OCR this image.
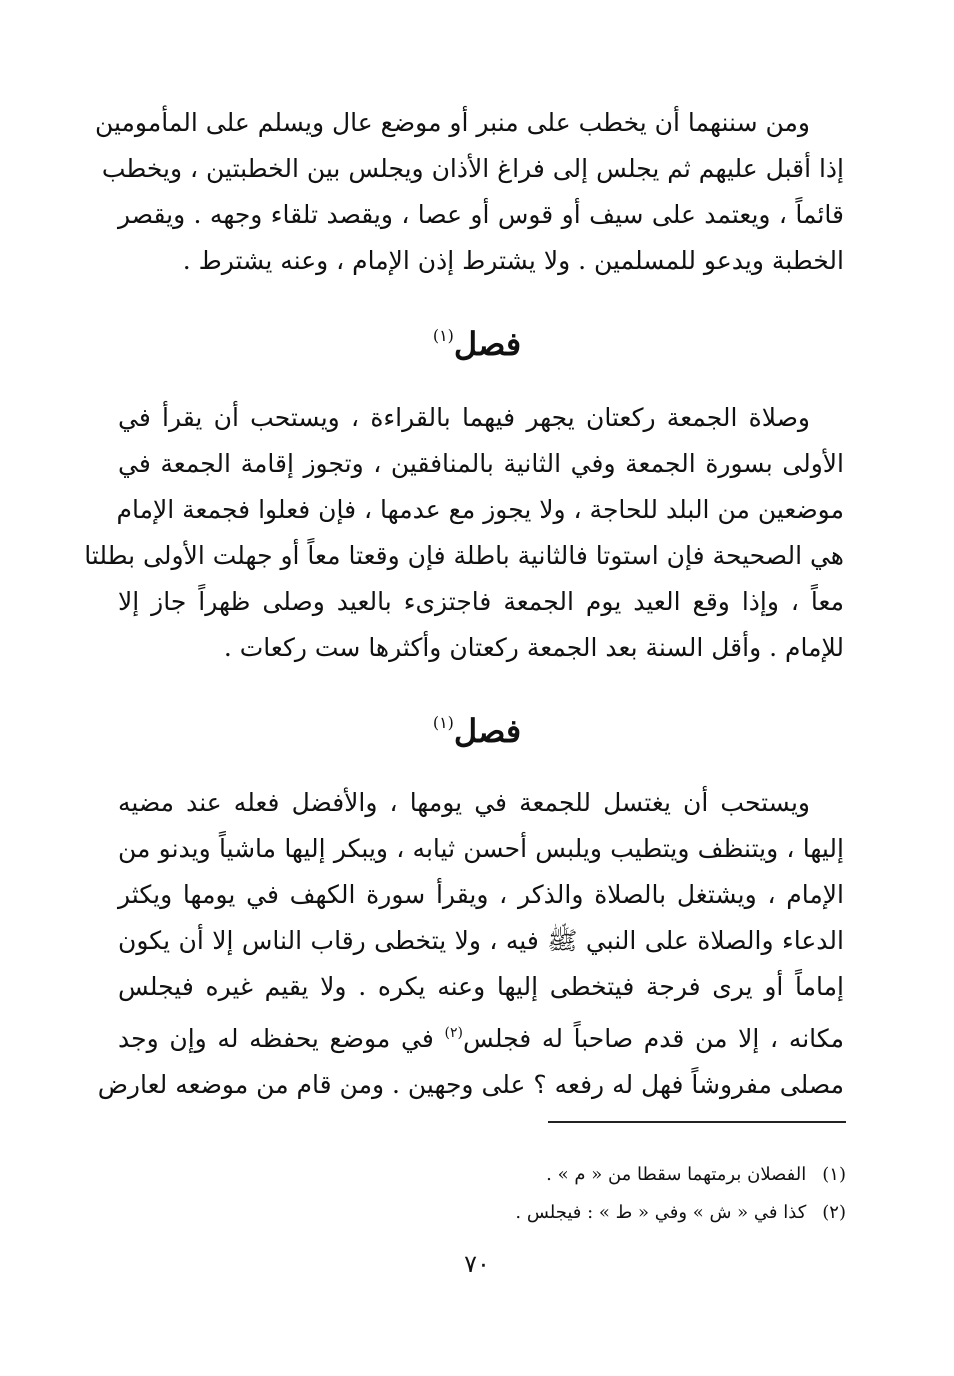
ومن سننهما أن يخطب على منبر أو موضع عال ويسلم على المأمومين
إذا أقبل عليهم ثم يجلس إلى فراغ الأذان ويجلس بين الخطبتين ، ويخطب
قائماً ، ويعتمد على سيف أو قوس أو عصا ، ويقصد تلقاء وجهه . ويقصر
الخطبة ويدعو للمسلمين . ولا يشترط إذن الإمام ، وعنه يشترط .
فصل$^{(١)}$
وصلاة الجمعة ركعتان يجهر فيهما بالقراءة ، ويستحب أن يقرأ في
الأولى بسورة الجمعة وفي الثانية بالمنافقين ، وتجوز إقامة الجمعة في
موضعين من البلد للحاجة ، ولا يجوز مع عدمها ، فإن فعلوا فجمعة الإمام
هي الصحيحة فإن استوتا فالثانية باطلة فإن وقعتا معاً أو جهلت الأولى بطلتا
معاً ، وإذا وقع العيد يوم الجمعة فاجتزىء بالعيد وصلى ظهراً جاز إلا
للإمام . وأقل السنة بعد الجمعة ركعتان وأكثرها ست ركعات .
فصل$^{(١)}$
ويستحب أن يغتسل للجمعة في يومها ، والأفضل فعله عند مضيه
إليها ، ويتنظف ويتطيب ويلبس أحسن ثيابه ، ويبكر إليها ماشياً ويدنو من
الإمام ، ويشتغل بالصلاة والذكر ، ويقرأ سورة الكهف في يومها ويكثر
الدعاء والصلاة على النبي ﷺ فيه ، ولا يتخطى رقاب الناس إلا أن يكون
إماماً أو يرى فرجة فيتخطى إليها وعنه يكره . ولا يقيم غيره فيجلس
مكانه ، إلا من قدم صاحباً له فجلس$^{(٢)}$ في موضع يحفظه له وإن وجد
مصلى مفروشاً فهل له رفعه ؟ على وجهين . ومن قام من موضعه لعارض
(١) الفصلان برمتهما سقطا من « م » .
(٢) كذا في « ش » وفي « ط » : فيجلس .
٧٠
